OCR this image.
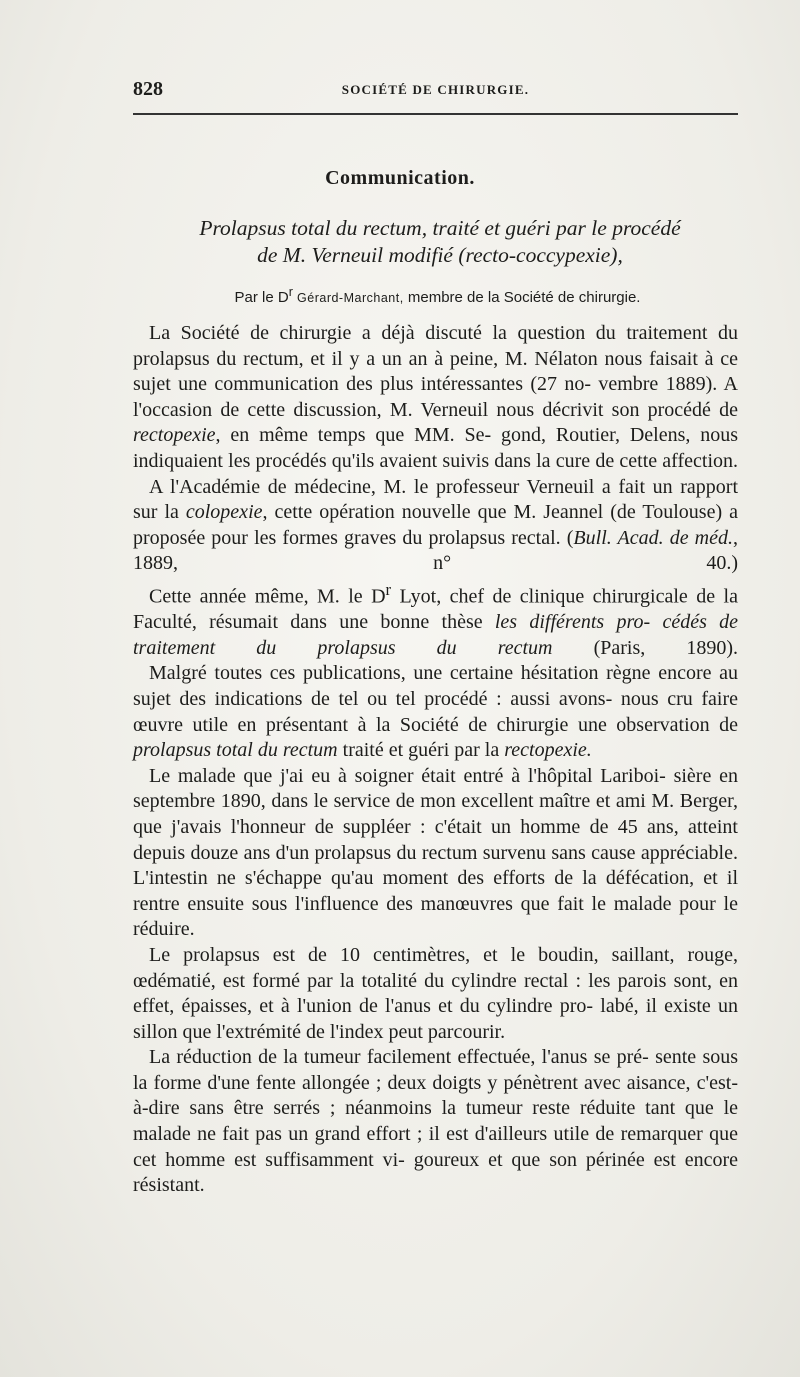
828	SOCIÉTÉ DE CHIRURGIE.
Communication.
Prolapsus total du rectum, traité et guéri par le procédé
de M. Verneuil modifié (recto-coccypexie),
Par le $D^r$ Gérard-Marchant, membre de la Société de chirurgie.

La Société de chirurgie a déjà discuté la question du traitement du prolapsus du rectum, et il y a un an à peine, M. Nélaton nous faisait à ce sujet une communication des plus intéressantes (27 no- vembre 1889). A l'occasion de cette discussion, M. Verneuil nous décrivit son procédé de rectopexie, en même temps que MM. Se- gond, Routier, Delens, nous indiquaient les procédés qu'ils avaient suivis dans la cure de cette affection.

A l'Académie de médecine, M. le professeur Verneuil a fait un rapport sur la colopexie, cette opération nouvelle que M. Jeannel (de Toulouse) a proposée pour les formes graves du prolapsus rectal. (Bull. Acad. de méd., 1889, n° 40.)

Cette année même, M. le $D^r$ Lyot, chef de clinique chirurgicale de la Faculté, résumait dans une bonne thèse les différents pro- cédés de traitement du prolapsus du rectum (Paris, 1890).

Malgré toutes ces publications, une certaine hésitation règne encore au sujet des indications de tel ou tel procédé : aussi avons- nous cru faire œuvre utile en présentant à la Société de chirurgie une observation de prolapsus total du rectum traité et guéri par la rectopexie.

Le malade que j'ai eu à soigner était entré à l'hôpital Lariboi- sière en septembre 1890, dans le service de mon excellent maître et ami M. Berger, que j'avais l'honneur de suppléer : c'était un homme de 45 ans, atteint depuis douze ans d'un prolapsus du rectum survenu sans cause appréciable. L'intestin ne s'échappe qu'au moment des efforts de la défécation, et il rentre ensuite sous l'influence des manœuvres que fait le malade pour le réduire.

Le prolapsus est de 10 centimètres, et le boudin, saillant, rouge, œdématié, est formé par la totalité du cylindre rectal : les parois sont, en effet, épaisses, et à l'union de l'anus et du cylindre pro- labé, il existe un sillon que l'extrémité de l'index peut parcourir.

La réduction de la tumeur facilement effectuée, l'anus se pré- sente sous la forme d'une fente allongée ; deux doigts y pénètrent avec aisance, c'est-à-dire sans être serrés ; néanmoins la tumeur reste réduite tant que le malade ne fait pas un grand effort ; il est d'ailleurs utile de remarquer que cet homme est suffisamment vi- goureux et que son périnée est encore résistant.
